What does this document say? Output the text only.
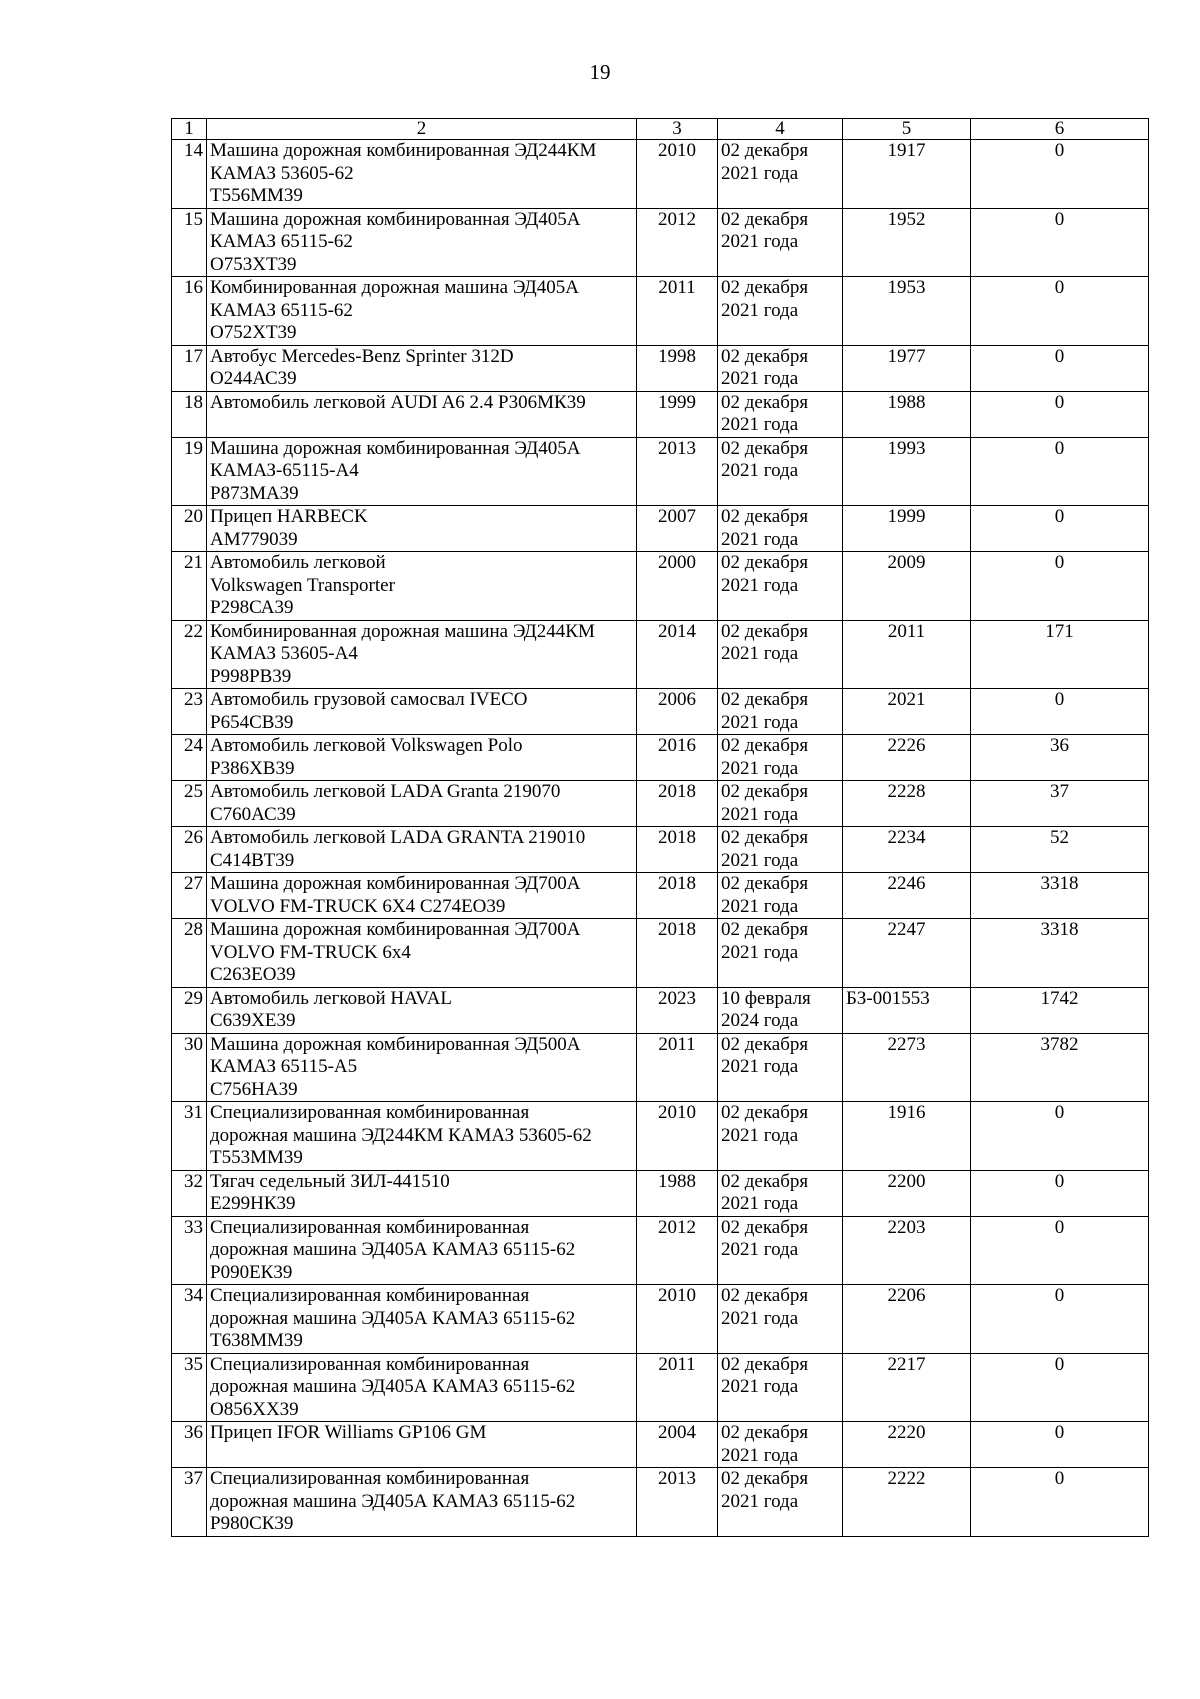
19
1	2	3	4	5	6
14	Машина дорожная комбинированная ЭД244КМ
КАМАЗ 53605-62
Т556ММ39	2010	02 декабря
2021 года	1917	0
15	Машина дорожная комбинированная ЭД405А
КАМАЗ 65115-62
О753ХТ39	2012	02 декабря
2021 года	1952	0
16	Комбинированная дорожная машина ЭД405А
КАМАЗ 65115-62
О752ХТ39	2011	02 декабря
2021 года	1953	0
17	Автобус Mercedes-Benz Sprinter 312D
О244АС39	1998	02 декабря
2021 года	1977	0
18	Автомобиль легковой AUDI A6 2.4 Р306МК39	1999	02 декабря
2021 года	1988	0
19	Машина дорожная комбинированная ЭД405А
КАМАЗ-65115-А4
Р873МА39	2013	02 декабря
2021 года	1993	0
20	Прицеп HARBECK
АМ779039	2007	02 декабря
2021 года	1999	0
21	Автомобиль легковой
Volkswagen Transporter
Р298СА39	2000	02 декабря
2021 года	2009	0
22	Комбинированная дорожная машина ЭД244КМ
КАМАЗ 53605-А4
Р998РВ39	2014	02 декабря
2021 года	2011	171
23	Автомобиль грузовой самосвал IVECO
Р654СВ39	2006	02 декабря
2021 года	2021	0
24	Автомобиль легковой Volkswagen Polo
Р386ХВ39	2016	02 декабря
2021 года	2226	36
25	Автомобиль легковой LADA Granta 219070
С760АС39	2018	02 декабря
2021 года	2228	37
26	Автомобиль легковой LADA GRANTA 219010
С414ВТ39	2018	02 декабря
2021 года	2234	52
27	Машина дорожная комбинированная ЭД700А
VOLVO FM-TRUCK 6X4 C274EO39	2018	02 декабря
2021 года	2246	3318
28	Машина дорожная комбинированная ЭД700А
VOLVO FM-TRUCK 6x4
С263ЕО39	2018	02 декабря
2021 года	2247	3318
29	Автомобиль легковой HAVAL
С639ХЕ39	2023	10 февраля
2024 года	БЗ-001553	1742
30	Машина дорожная комбинированная ЭД500А
КАМАЗ 65115-А5
С756НА39	2011	02 декабря
2021 года	2273	3782
31	Специализированная комбинированная
дорожная машина ЭД244КМ КАМАЗ 53605-62
Т553ММ39	2010	02 декабря
2021 года	1916	0
32	Тягач седельный ЗИЛ-441510
Е299НК39	1988	02 декабря
2021 года	2200	0
33	Специализированная комбинированная
дорожная машина ЭД405А КАМАЗ 65115-62
Р090ЕК39	2012	02 декабря
2021 года	2203	0
34	Специализированная комбинированная
дорожная машина ЭД405А КАМАЗ 65115-62
Т638ММ39	2010	02 декабря
2021 года	2206	0
35	Специализированная комбинированная
дорожная машина ЭД405А КАМАЗ 65115-62
О856ХХ39	2011	02 декабря
2021 года	2217	0
36	Прицеп IFOR Williams GP106 GM	2004	02 декабря
2021 года	2220	0
37	Специализированная комбинированная
дорожная машина ЭД405А КАМАЗ 65115-62
Р980СК39	2013	02 декабря
2021 года	2222	0
